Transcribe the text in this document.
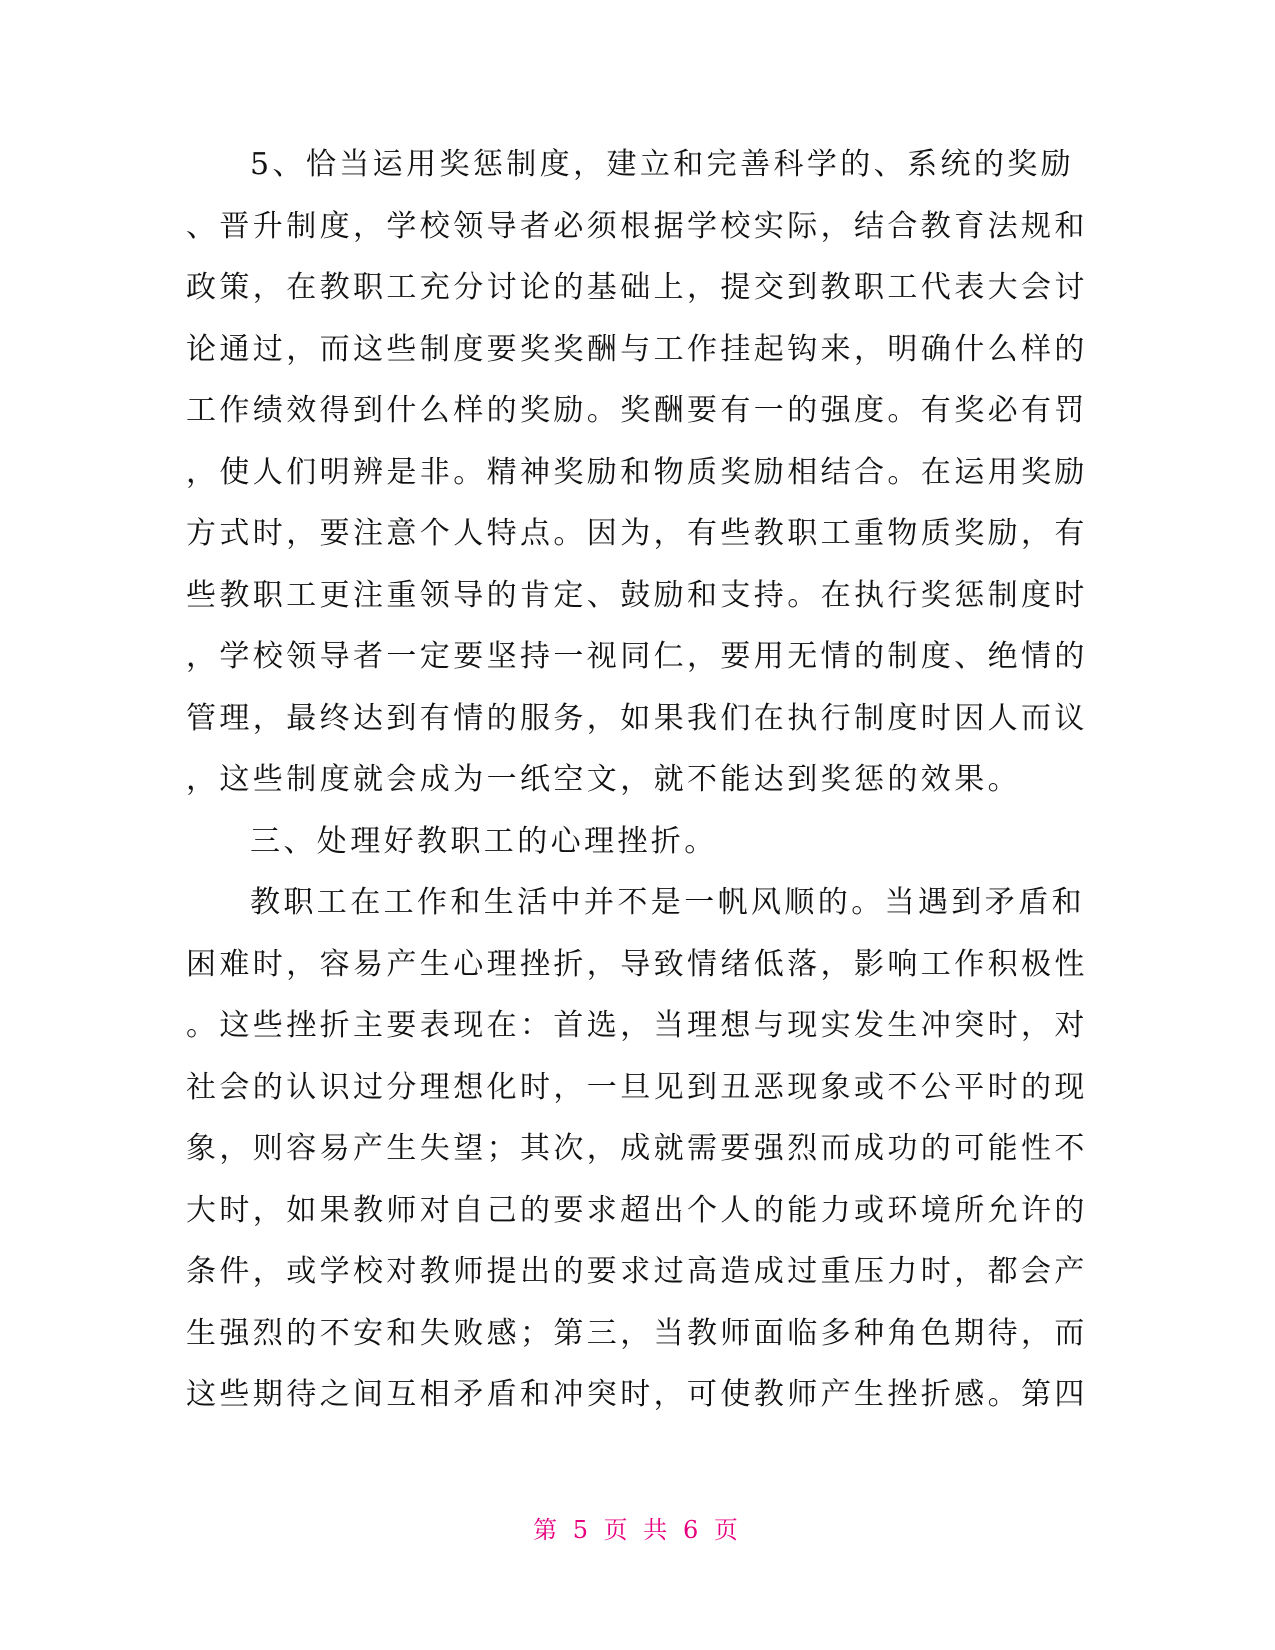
5、恰当运用奖惩制度，建立和完善科学的、系统的奖励
、晋升制度，学校领导者必须根据学校实际，结合教育法规和
政策，在教职工充分讨论的基础上，提交到教职工代表大会讨
论通过，而这些制度要奖奖酬与工作挂起钩来，明确什么样的
工作绩效得到什么样的奖励。奖酬要有一的强度。有奖必有罚
，使人们明辨是非。精神奖励和物质奖励相结合。在运用奖励
方式时，要注意个人特点。因为，有些教职工重物质奖励，有
些教职工更注重领导的肯定、鼓励和支持。在执行奖惩制度时
，学校领导者一定要坚持一视同仁，要用无情的制度、绝情的
管理，最终达到有情的服务，如果我们在执行制度时因人而议
，这些制度就会成为一纸空文，就不能达到奖惩的效果。
三、处理好教职工的心理挫折。
教职工在工作和生活中并不是一帆风顺的。当遇到矛盾和
困难时，容易产生心理挫折，导致情绪低落，影响工作积极性
。这些挫折主要表现在：首选，当理想与现实发生冲突时，对
社会的认识过分理想化时，一旦见到丑恶现象或不公平时的现
象，则容易产生失望；其次，成就需要强烈而成功的可能性不
大时，如果教师对自己的要求超出个人的能力或环境所允许的
条件，或学校对教师提出的要求过高造成过重压力时，都会产
生强烈的不安和失败感；第三，当教师面临多种角色期待，而
这些期待之间互相矛盾和冲突时，可使教师产生挫折感。第四
第 5 页 共 6 页
